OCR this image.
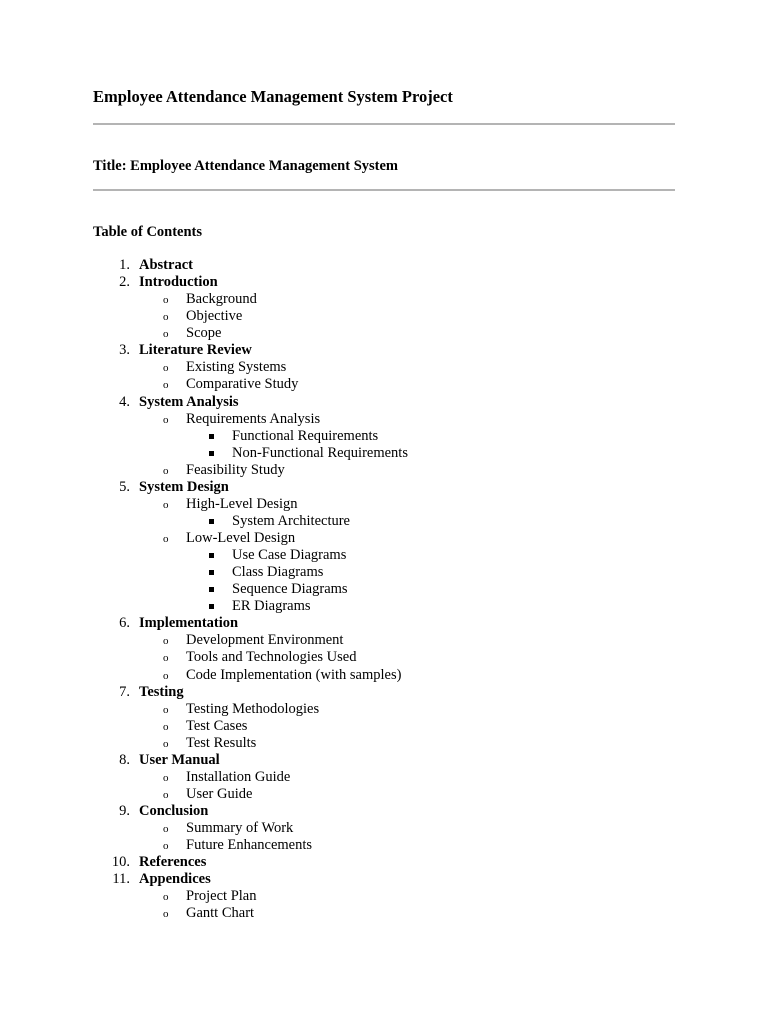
Employee Attendance Management System Project
Title: Employee Attendance Management System
Table of Contents
1. Abstract
2. Introduction
o Background
o Objective
o Scope
3. Literature Review
o Existing Systems
o Comparative Study
4. System Analysis
o Requirements Analysis
Functional Requirements
Non-Functional Requirements
o Feasibility Study
5. System Design
o High-Level Design
System Architecture
o Low-Level Design
Use Case Diagrams
Class Diagrams
Sequence Diagrams
ER Diagrams
6. Implementation
o Development Environment
o Tools and Technologies Used
o Code Implementation (with samples)
7. Testing
o Testing Methodologies
o Test Cases
o Test Results
8. User Manual
o Installation Guide
o User Guide
9. Conclusion
o Summary of Work
o Future Enhancements
10. References
11. Appendices
o Project Plan
o Gantt Chart
